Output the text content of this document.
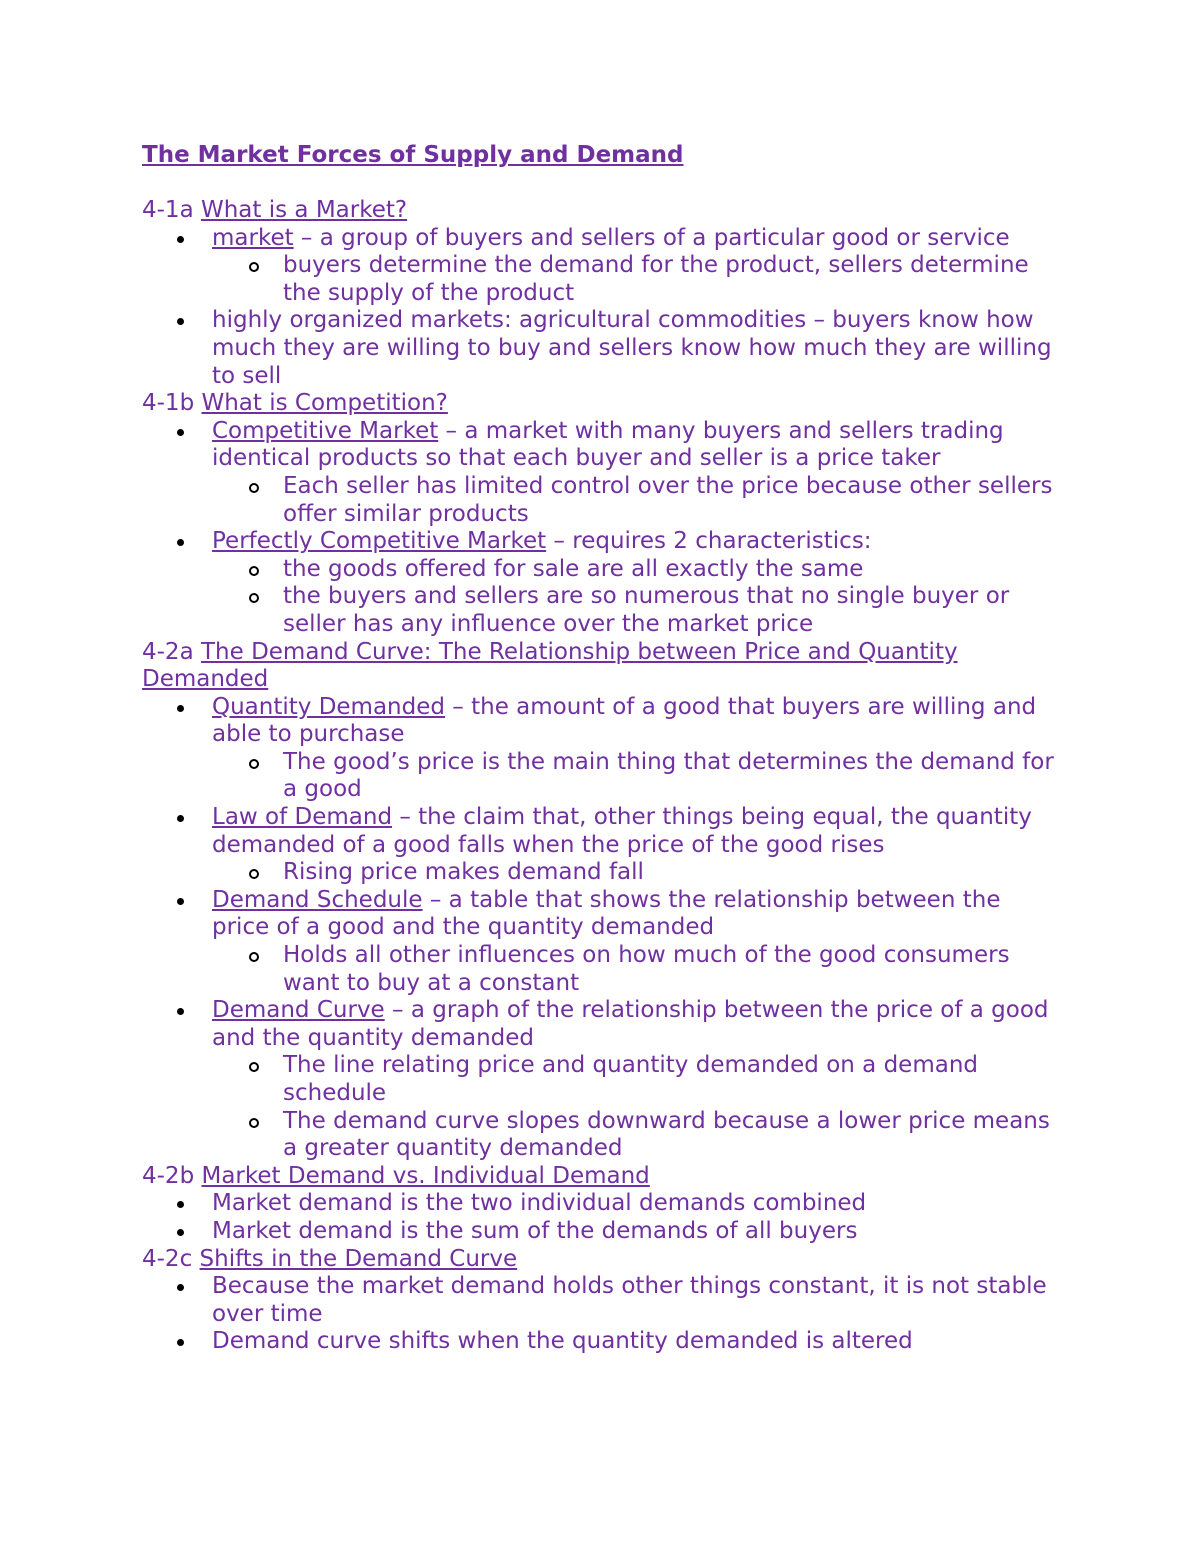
The Market Forces of Supply and Demand
4-1a What is a Market?
market – a group of buyers and sellers of a particular good or service
buyers determine the demand for the product, sellers determine the supply of the product
highly organized markets: agricultural commodities – buyers know how much they are willing to buy and sellers know how much they are willing to sell
4-1b What is Competition?
Competitive Market – a market with many buyers and sellers trading identical products so that each buyer and seller is a price taker
Each seller has limited control over the price because other sellers offer similar products
Perfectly Competitive Market – requires 2 characteristics:
the goods offered for sale are all exactly the same
the buyers and sellers are so numerous that no single buyer or seller has any influence over the market price
4-2a The Demand Curve: The Relationship between Price and Quantity Demanded
Quantity Demanded – the amount of a good that buyers are willing and able to purchase
The good’s price is the main thing that determines the demand for a good
Law of Demand – the claim that, other things being equal, the quantity demanded of a good falls when the price of the good rises
Rising price makes demand fall
Demand Schedule – a table that shows the relationship between the price of a good and the quantity demanded
Holds all other influences on how much of the good consumers want to buy at a constant
Demand Curve – a graph of the relationship between the price of a good and the quantity demanded
The line relating price and quantity demanded on a demand schedule
The demand curve slopes downward because a lower price means a greater quantity demanded
4-2b Market Demand vs. Individual Demand
Market demand is the two individual demands combined
Market demand is the sum of the demands of all buyers
4-2c Shifts in the Demand Curve
Because the market demand holds other things constant, it is not stable over time
Demand curve shifts when the quantity demanded is altered
